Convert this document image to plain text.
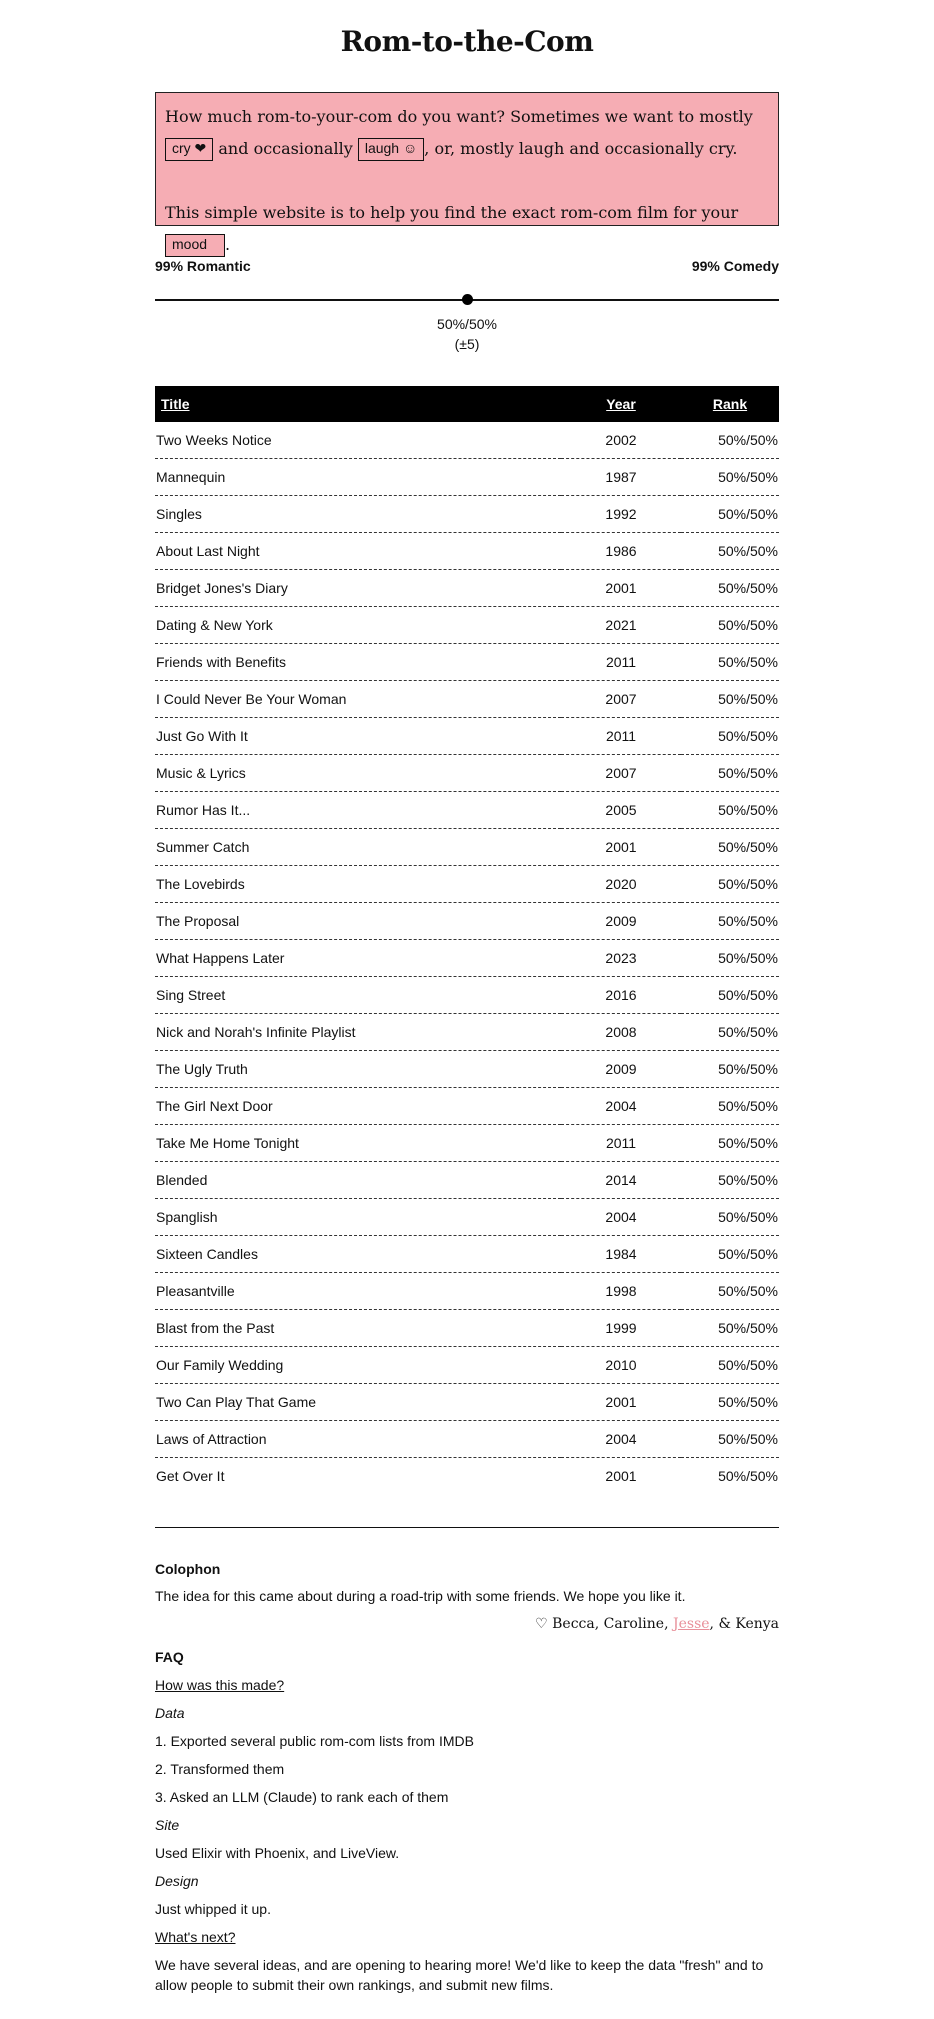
Rom-to-the-Com

How much rom-to-your-com do you want? Sometimes we want to mostly cry ❤ and occasionally laugh ☺ , or, mostly laugh and occasionally cry.

This simple website is to help you find the exact rom-com film for your mood .

99% Romantic	99% Comedy
50%/50%
(±5)
Title	Year	Rank
Two Weeks Notice	2002	50%/50%
Mannequin	1987	50%/50%
Singles	1992	50%/50%
About Last Night	1986	50%/50%
Bridget Jones's Diary	2001	50%/50%
Dating & New York	2021	50%/50%
Friends with Benefits	2011	50%/50%
I Could Never Be Your Woman	2007	50%/50%
Just Go With It	2011	50%/50%
Music & Lyrics	2007	50%/50%
Rumor Has It...	2005	50%/50%
Summer Catch	2001	50%/50%
The Lovebirds	2020	50%/50%
The Proposal	2009	50%/50%
What Happens Later	2023	50%/50%
Sing Street	2016	50%/50%
Nick and Norah's Infinite Playlist	2008	50%/50%
The Ugly Truth	2009	50%/50%
The Girl Next Door	2004	50%/50%
Take Me Home Tonight	2011	50%/50%
Blended	2014	50%/50%
Spanglish	2004	50%/50%
Sixteen Candles	1984	50%/50%
Pleasantville	1998	50%/50%
Blast from the Past	1999	50%/50%
Our Family Wedding	2010	50%/50%
Two Can Play That Game	2001	50%/50%
Laws of Attraction	2004	50%/50%
Get Over It	2001	50%/50%
Colophon
The idea for this came about during a road-trip with some friends. We hope you like it.
♡ Becca, Caroline, Jesse, & Kenya
FAQ
How was this made?
Data
1. Exported several public rom-com lists from IMDB
2. Transformed them
3. Asked an LLM (Claude) to rank each of them
Site
Used Elixir with Phoenix, and LiveView.
Design
Just whipped it up.
What's next?
We have several ideas, and are opening to hearing more! We'd like to keep the data "fresh" and to allow people to submit their own rankings, and submit new films.
